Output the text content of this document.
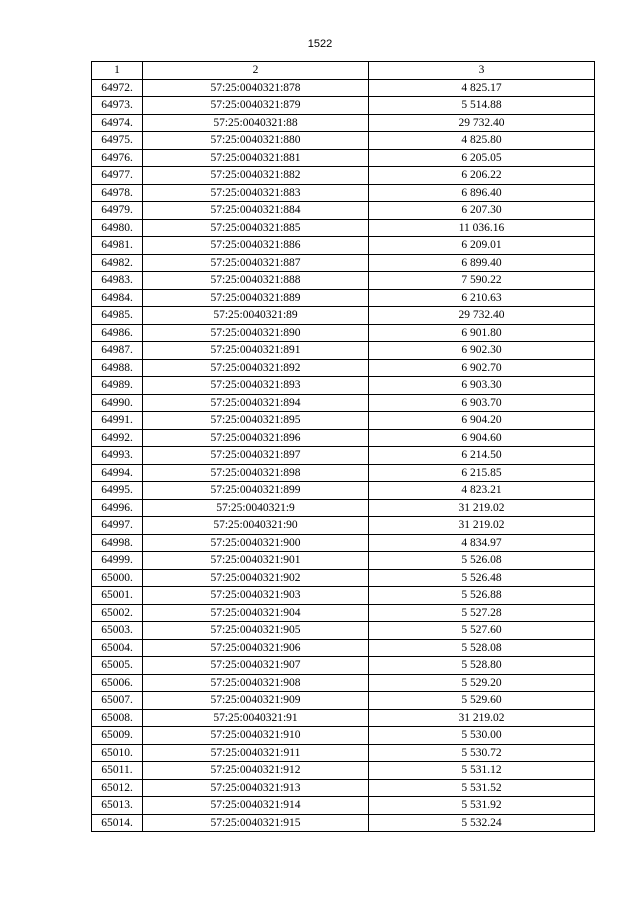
1522
1	2	3
64972.	57:25:0040321:878	4 825.17
64973.	57:25:0040321:879	5 514.88
64974.	57:25:0040321:88	29 732.40
64975.	57:25:0040321:880	4 825.80
64976.	57:25:0040321:881	6 205.05
64977.	57:25:0040321:882	6 206.22
64978.	57:25:0040321:883	6 896.40
64979.	57:25:0040321:884	6 207.30
64980.	57:25:0040321:885	11 036.16
64981.	57:25:0040321:886	6 209.01
64982.	57:25:0040321:887	6 899.40
64983.	57:25:0040321:888	7 590.22
64984.	57:25:0040321:889	6 210.63
64985.	57:25:0040321:89	29 732.40
64986.	57:25:0040321:890	6 901.80
64987.	57:25:0040321:891	6 902.30
64988.	57:25:0040321:892	6 902.70
64989.	57:25:0040321:893	6 903.30
64990.	57:25:0040321:894	6 903.70
64991.	57:25:0040321:895	6 904.20
64992.	57:25:0040321:896	6 904.60
64993.	57:25:0040321:897	6 214.50
64994.	57:25:0040321:898	6 215.85
64995.	57:25:0040321:899	4 823.21
64996.	57:25:0040321:9	31 219.02
64997.	57:25:0040321:90	31 219.02
64998.	57:25:0040321:900	4 834.97
64999.	57:25:0040321:901	5 526.08
65000.	57:25:0040321:902	5 526.48
65001.	57:25:0040321:903	5 526.88
65002.	57:25:0040321:904	5 527.28
65003.	57:25:0040321:905	5 527.60
65004.	57:25:0040321:906	5 528.08
65005.	57:25:0040321:907	5 528.80
65006.	57:25:0040321:908	5 529.20
65007.	57:25:0040321:909	5 529.60
65008.	57:25:0040321:91	31 219.02
65009.	57:25:0040321:910	5 530.00
65010.	57:25:0040321:911	5 530.72
65011.	57:25:0040321:912	5 531.12
65012.	57:25:0040321:913	5 531.52
65013.	57:25:0040321:914	5 531.92
65014.	57:25:0040321:915	5 532.24
